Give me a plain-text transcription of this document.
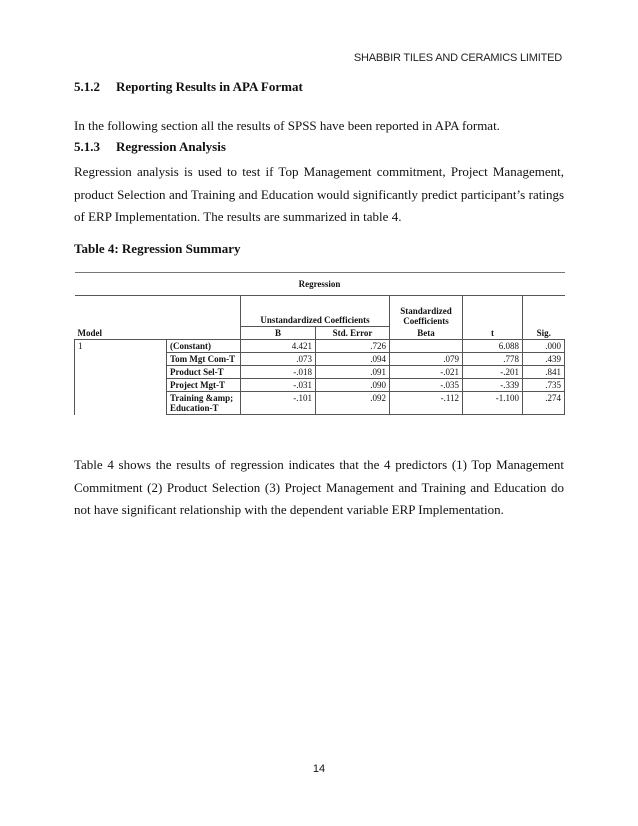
SHABBIR TILES AND CERAMICS LIMITED
5.1.2 Reporting Results in APA Format
In the following section all the results of SPSS have been reported in APA format.
5.1.3 Regression Analysis
Regression analysis is used to test if Top Management commitment, Project Management, product Selection and Training and Education would significantly predict participant’s ratings of ERP Implementation. The results are summarized in table 4.
Table 4: Regression Summary
Regression						
Model		Unstandardized Coefficients		Standardized Coefficients		
		B	Std. Error	Beta	t	Sig.
1	(Constant)	4.421	.726		6.088	.000
	Tom Mgt Com-T	.073	.094	.079	.778	.439
	Product Sel-T	-.018	.091	-.021	-.201	.841
	Project Mgt-T	-.031	.090	-.035	-.339	.735
	Training &amp; Education-T	-.101	.092	-.112	-1.100	.274
Table 4 shows the results of regression indicates that the 4 predictors (1) Top Management Commitment (2) Product Selection (3) Project Management and Training and Education do not have significant relationship with the dependent variable ERP Implementation.
14
